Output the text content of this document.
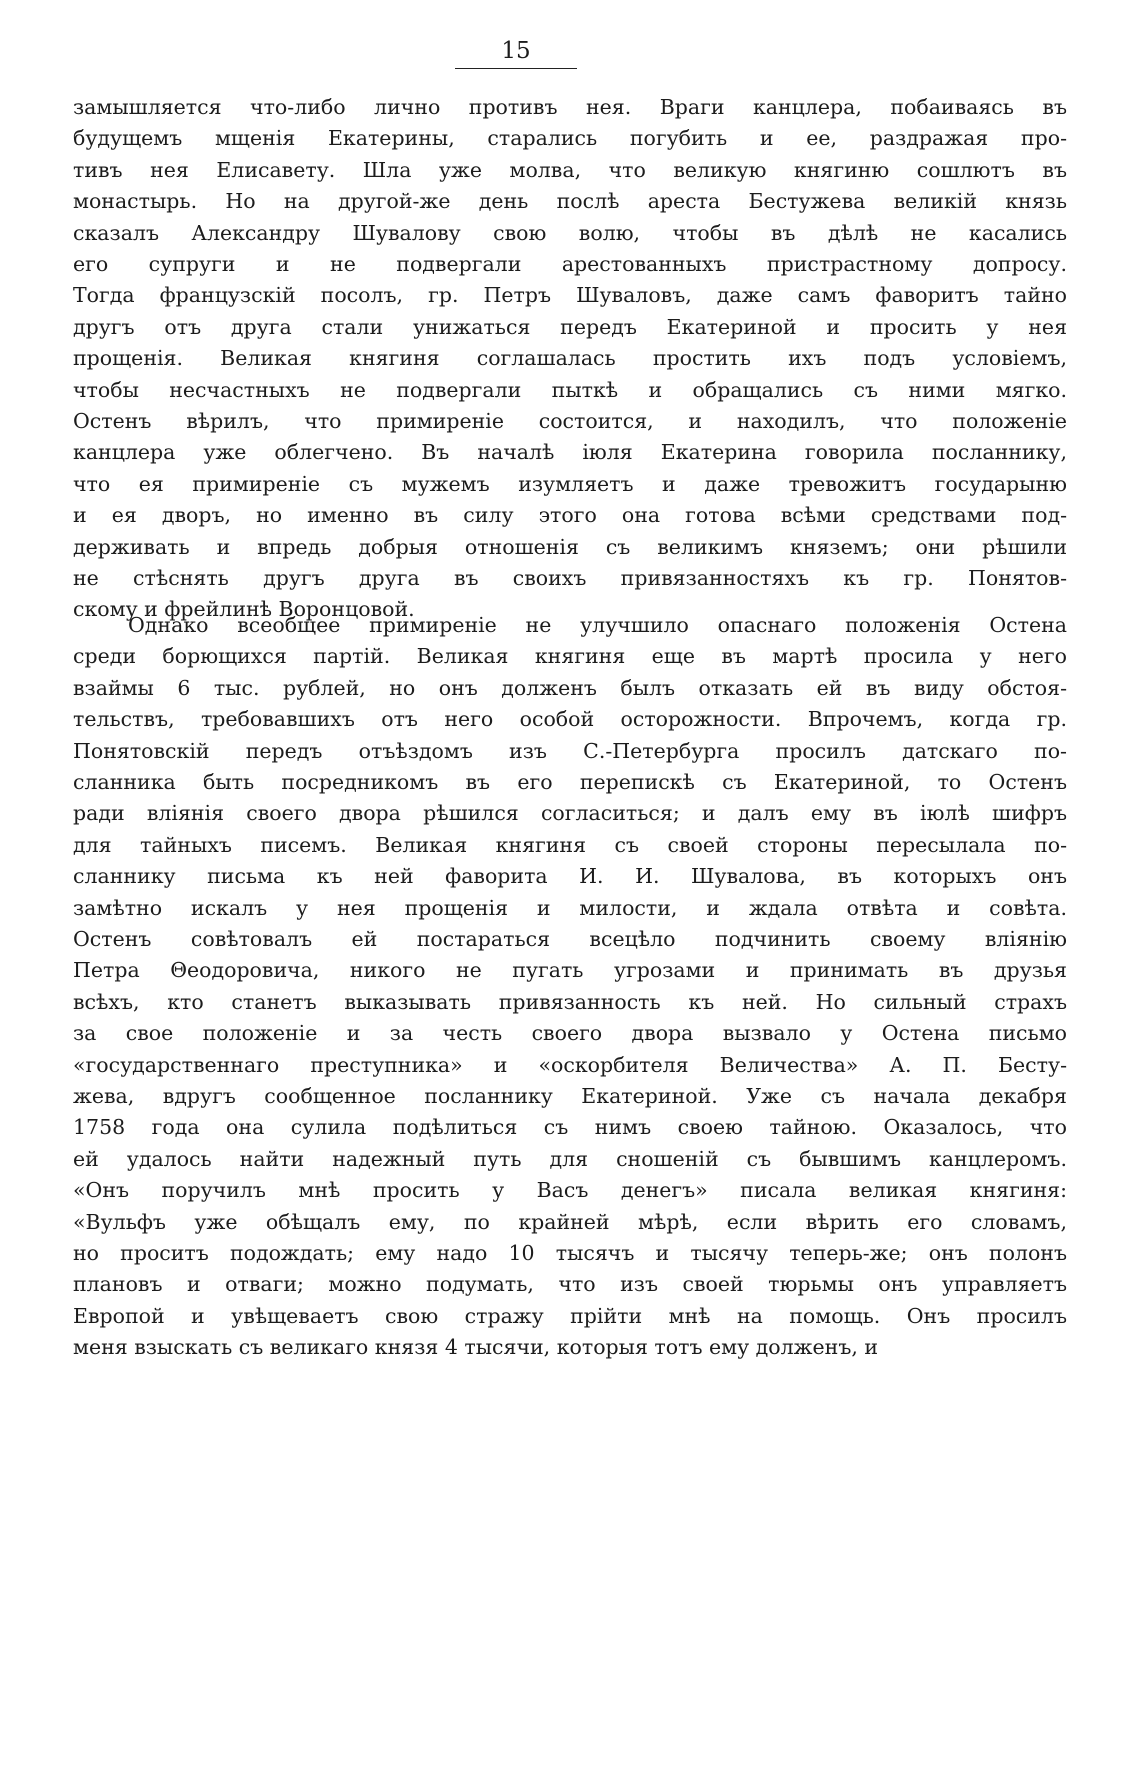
15
замышляется что-либо лично противъ нея. Враги канцлера, побаиваясь въ
будущемъ мщенія Екатерины, старались погубить и ее, раздражая про-
тивъ нея Елисавету. Шла уже молва, что великую княгиню сошлютъ въ
монастырь. Но на другой-же день послѣ ареста Бестужева великій князь
сказалъ Александру Шувалову свою волю, чтобы въ дѣлѣ не касались
его супруги и не подвергали арестованныхъ пристрастному допросу.
Тогда французскій посолъ, гр. Петръ Шуваловъ, даже самъ фаворитъ тайно
другъ отъ друга стали унижаться передъ Екатериной и просить у нея
прощенія. Великая княгиня соглашалась простить ихъ подъ условіемъ,
чтобы несчастныхъ не подвергали пыткѣ и обращались съ ними мягко.
Остенъ вѣрилъ, что примиреніе состоится, и находилъ, что положеніе
канцлера уже облегчено. Въ началѣ іюля Екатерина говорила посланнику,
что ея примиреніе съ мужемъ изумляетъ и даже тревожитъ государыню
и ея дворъ, но именно въ силу этого она готова всѣми средствами под-
держивать и впредь добрыя отношенія съ великимъ княземъ; они рѣшили
не стѣснять другъ друга въ своихъ привязанностяхъ къ гр. Понятов-
скому и фрейлинѣ Воронцовой.
Однако всеобщее примиреніе не улучшило опаснаго положенія Остена
среди борющихся партій. Великая княгиня еще въ мартѣ просила у него
взаймы 6 тыс. рублей, но онъ долженъ былъ отказать ей въ виду обстоя-
тельствъ, требовавшихъ отъ него особой осторожности. Впрочемъ, когда гр.
Понятовскій передъ отъѣздомъ изъ С.-Петербурга просилъ датскаго по-
сланника быть посредникомъ въ его перепискѣ съ Екатериной, то Остенъ
ради вліянія своего двора рѣшился согласиться; и далъ ему въ іюлѣ шифръ
для тайныхъ писемъ. Великая княгиня съ своей стороны пересылала по-
сланнику письма къ ней фаворита И. И. Шувалова, въ которыхъ онъ
замѣтно искалъ у нея прощенія и милости, и ждала отвѣта и совѣта.
Остенъ совѣтовалъ ей постараться всецѣло подчинить своему вліянію
Петра Θеодоровича, никого не пугать угрозами и принимать въ друзья
всѣхъ, кто станетъ выказывать привязанность къ ней. Но сильный страхъ
за свое положеніе и за честь своего двора вызвало у Остена письмо
«государственнаго преступника» и «оскорбителя Величества» А. П. Бесту-
жева, вдругъ сообщенное посланнику Екатериной. Уже съ начала декабря
1758 года она сулила подѣлиться съ нимъ своею тайною. Оказалось, что
ей удалось найти надежный путь для сношеній съ бывшимъ канцлеромъ.
«Онъ поручилъ мнѣ просить у Васъ денегъ» писала великая княгиня:
«Вульфъ уже обѣщалъ ему, по крайней мѣрѣ, если вѣрить его словамъ,
но проситъ подождать; ему надо 10 тысячъ и тысячу теперь-же; онъ полонъ
плановъ и отваги; можно подумать, что изъ своей тюрьмы онъ управляетъ
Европой и увѣщеваетъ свою стражу прійти мнѣ на помощь. Онъ просилъ
меня взыскать съ великаго князя 4 тысячи, которыя тотъ ему долженъ, и
